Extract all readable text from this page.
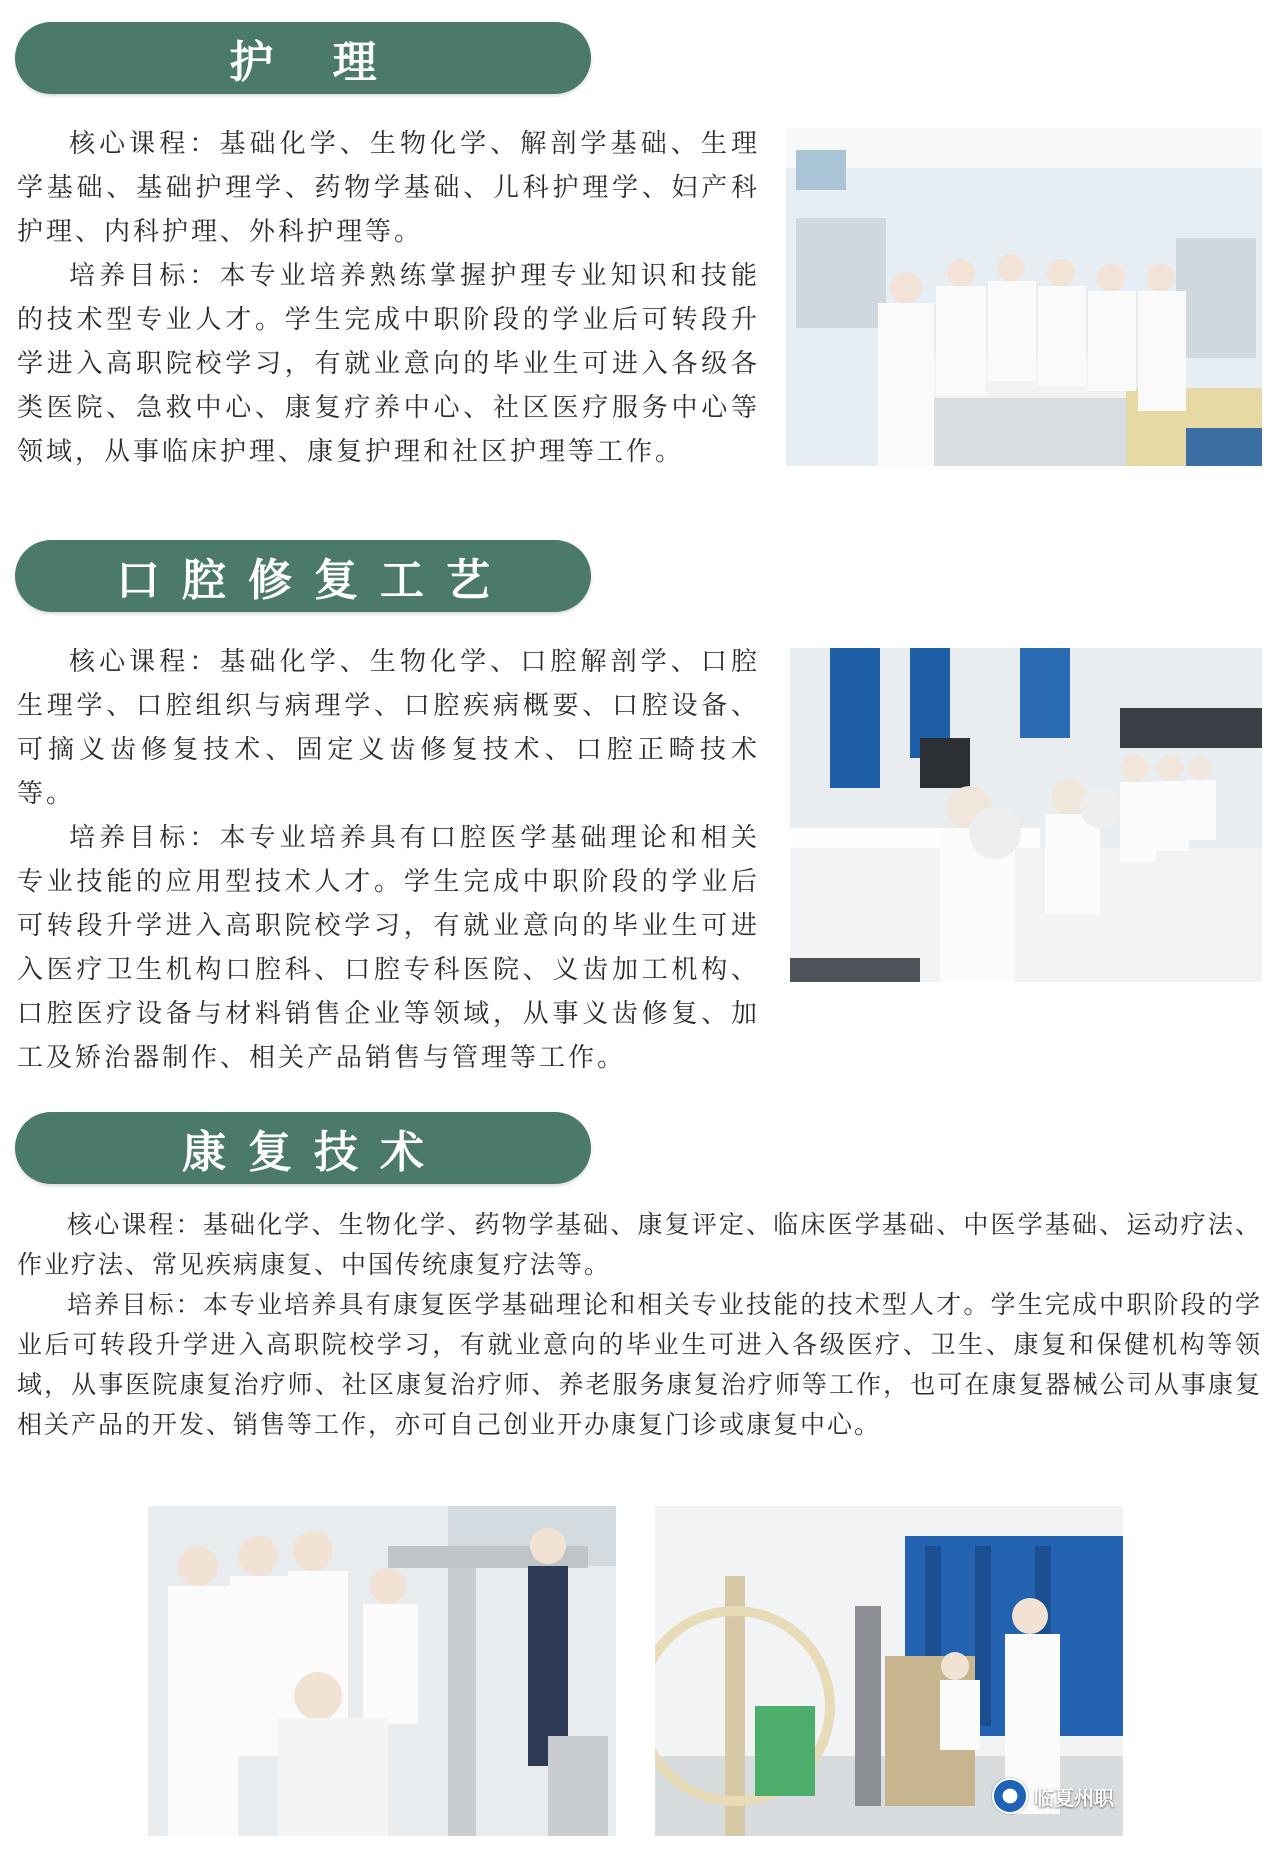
护 理

核心课程：基础化学、生物化学、解剖学基础、生理学基础、基础护理学、药物学基础、儿科护理学、妇产科护理、内科护理、外科护理等。

培养目标：本专业培养熟练掌握护理专业知识和技能的技术型专业人才。学生完成中职阶段的学业后可转段升学进入高职院校学习，有就业意向的毕业生可进入各级各类医院、急救中心、康复疗养中心、社区医疗服务中心等领域，从事临床护理、康复护理和社区护理等工作。

口腔修复工艺

核心课程：基础化学、生物化学、口腔解剖学、口腔生理学、口腔组织与病理学、口腔疾病概要、口腔设备、可摘义齿修复技术、固定义齿修复技术、口腔正畸技术等。

培养目标：本专业培养具有口腔医学基础理论和相关专业技能的应用型技术人才。学生完成中职阶段的学业后可转段升学进入高职院校学习，有就业意向的毕业生可进入医疗卫生机构口腔科、口腔专科医院、义齿加工机构、口腔医疗设备与材料销售企业等领域，从事义齿修复、加工及矫治器制作、相关产品销售与管理等工作。

康复技术

核心课程：基础化学、生物化学、药物学基础、康复评定、临床医学基础、中医学基础、运动疗法、作业疗法、常见疾病康复、中国传统康复疗法等。

培养目标：本专业培养具有康复医学基础理论和相关专业技能的技术型人才。学生完成中职阶段的学业后可转段升学进入高职院校学习，有就业意向的毕业生可进入各级医疗、卫生、康复和保健机构等领域，从事医院康复治疗师、社区康复治疗师、养老服务康复治疗师等工作，也可在康复器械公司从事康复相关产品的开发、销售等工作，亦可自己创业开办康复门诊或康复中心。

临夏州职
